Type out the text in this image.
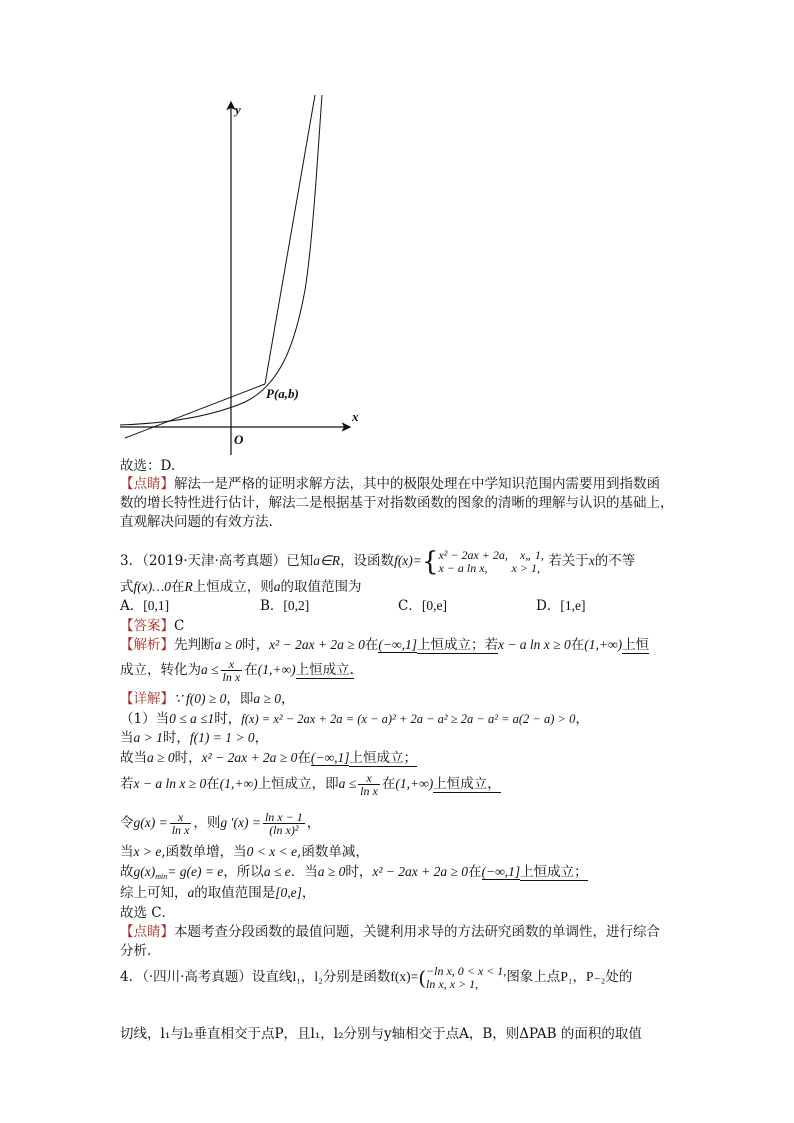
y
x
O
P(a,b)
故选：D.
【点睛】解法一是严格的证明求解方法，其中的极限处理在中学知识范围内需要用到指数函
数的增长特性进行估计，解法二是根据基于对指数函数的图象的清晰的理解与认识的基础上，
直观解决问题的有效方法.
3．（2019·天津·高考真题）已知a∈R，设函数f(x)={ x² − 2ax + 2a, x„ 1,
x − a ln x, x > 1, 若关于x的不等
式f(x)…0在R上恒成立，则a的取值范围为
A．[0,1]	B．[0,2]	C．[0,e]	D．[1,e]
【答案】C
【解析】先判断a ≥ 0时，x² − 2ax + 2a ≥ 0在(−∞,1]上恒成立；若x − a ln x ≥ 0在(1,+∞)上恒
成立，转化为$a \le \frac{x}{\text{ln x}}$ 在(1,+∞)上恒成立.
【详解】∵ f(0) ≥ 0，即a ≥ 0，
（1）当0 ≤ a ≤1时，f(x) = x² − 2ax + 2a = (x − a)² + 2a − a² ≥ 2a − a² = a(2 − a) > 0，
当a > 1时，f(1) = 1 > 0，
故当a ≥ 0时，x² − 2ax + 2a ≥ 0在(−∞,1]上恒成立；
若x − a ln x ≥ 0在(1,+∞)上恒成立，即$a \le \frac{x}{\text{ln x}}$ 在(1,+∞)上恒成立，
令$g(x) = \frac{x}{\text{ln x}}$ ，则g $'(x) = \frac{\text{ln x − 1}}{\text{(ln x)²}}$ ，
当x > e,函数单增，当0 < x < e,函数单减，
故$g(x)_{min}= g(e) = e$，所以a ≤ e．当a ≥ 0时，x² − 2ax + 2a ≥ 0在(−∞,1]上恒成立；
综上可知，a的取值范围是[0,e]，
故选 C．
【点睛】本题考查分段函数的最值问题，关键利用求导的方法研究函数的单调性，进行综合
分析．
4．（·四川·高考真题）设直线l₁，l₂分别是函数f(x)=( −ln x, 0 < x < 1,
ln x, x > 1,	图象上点P₁，P₋₂处的
切线，l₁与l₂垂直相交于点P，且l₁，l₂分别与y轴相交于点A，B，则ΔPAB 的面积的取值
